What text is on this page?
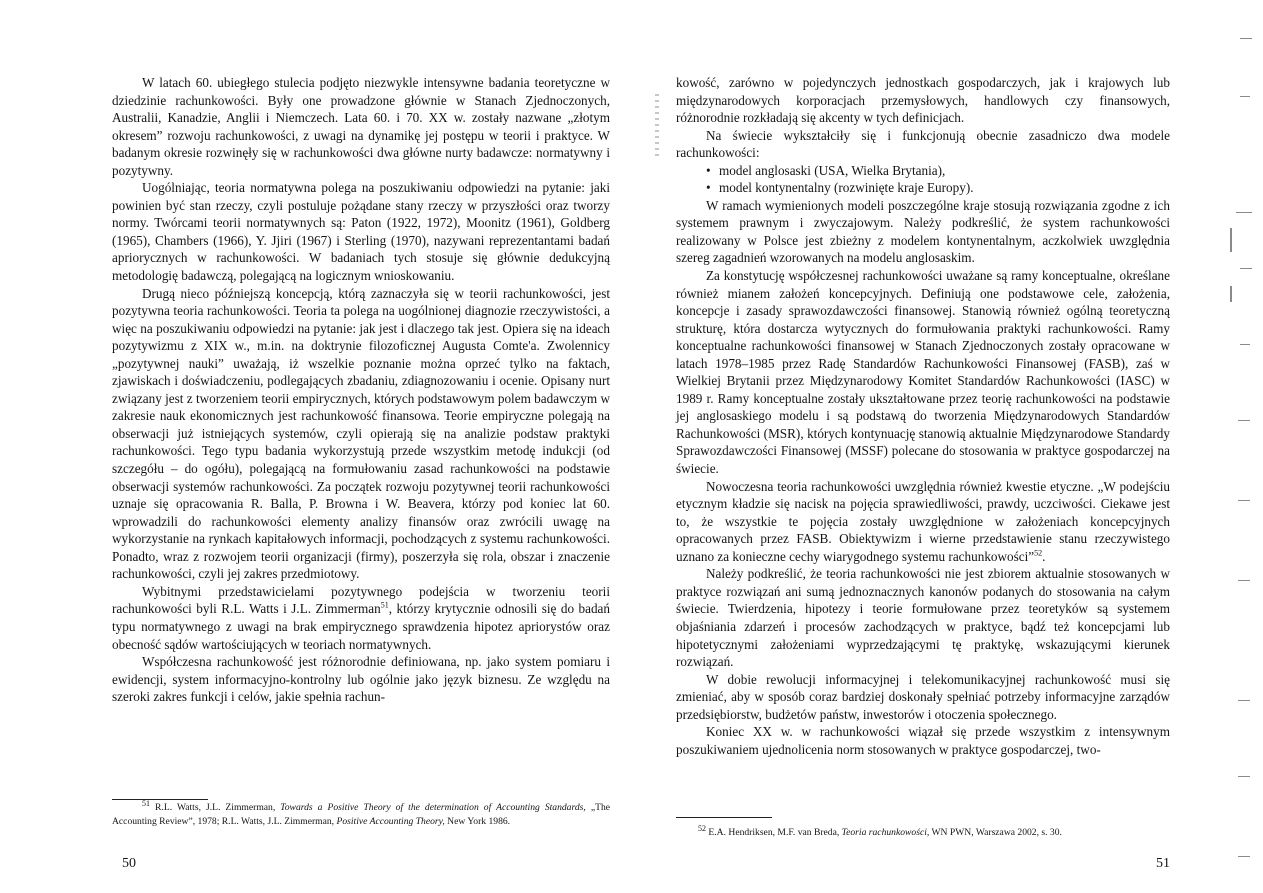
W latach 60. ubiegłego stulecia podjęto niezwykle intensywne badania teoretyczne w dziedzinie rachunkowości. Były one prowadzone głównie w Stanach Zjednoczonych, Australii, Kanadzie, Anglii i Niemczech. Lata 60. i 70. XX w. zostały nazwane „złotym okresem” rozwoju rachunkowości, z uwagi na dynamikę jej postępu w teorii i praktyce. W badanym okresie rozwinęły się w rachunkowości dwa główne nurty badawcze: normatywny i pozytywny.

Uogólniając, teoria normatywna polega na poszukiwaniu odpowiedzi na pytanie: jaki powinien być stan rzeczy, czyli postuluje pożądane stany rzeczy w przyszłości oraz tworzy normy. Twórcami teorii normatywnych są: Paton (1922, 1972), Moonitz (1961), Goldberg (1965), Chambers (1966), Y. Jjiri (1967) i Sterling (1970), nazywani reprezentantami badań apriorycznych w rachunkowości. W badaniach tych stosuje się głównie dedukcyjną metodologię badawczą, polegającą na logicznym wnioskowaniu.

Drugą nieco późniejszą koncepcją, którą zaznaczyła się w teorii rachunkowości, jest pozytywna teoria rachunkowości. Teoria ta polega na uogólnionej diagnozie rzeczywistości, a więc na poszukiwaniu odpowiedzi na pytanie: jak jest i dlaczego tak jest. Opiera się na ideach pozytywizmu z XIX w., m.in. na doktrynie filozoficznej Augusta Comte'a. Zwolennicy „pozytywnej nauki” uważają, iż wszelkie poznanie można oprzeć tylko na faktach, zjawiskach i doświadczeniu, podlegających zbadaniu, zdiagnozowaniu i ocenie. Opisany nurt związany jest z tworzeniem teorii empirycznych, których podstawowym polem badawczym w zakresie nauk ekonomicznych jest rachunkowość finansowa. Teorie empiryczne polegają na obserwacji już istniejących systemów, czyli opierają się na analizie podstaw praktyki rachunkowości. Tego typu badania wykorzystują przede wszystkim metodę indukcji (od szczegółu – do ogółu), polegającą na formułowaniu zasad rachunkowości na podstawie obserwacji systemów rachunkowości. Za początek rozwoju pozytywnej teorii rachunkowości uznaje się opracowania R. Balla, P. Browna i W. Beavera, którzy pod koniec lat 60. wprowadzili do rachunkowości elementy analizy finansów oraz zwrócili uwagę na wykorzystanie na rynkach kapitałowych informacji, pochodzących z systemu rachunkowości. Ponadto, wraz z rozwojem teorii organizacji (firmy), poszerzyła się rola, obszar i znaczenie rachunkowości, czyli jej zakres przedmiotowy.

Wybitnymi przedstawicielami pozytywnego podejścia w tworzeniu teorii rachunkowości byli R.L. Watts i J.L. Zimmerman$^{51}$, którzy krytycznie odnosili się do badań typu normatywnego z uwagi na brak empirycznego sprawdzenia hipotez apriorystów oraz obecność sądów wartościujących w teoriach normatywnych.

Współczesna rachunkowość jest różnorodnie definiowana, np. jako system pomiaru i ewidencji, system informacyjno-kontrolny lub ogólnie jako język biznesu. Ze względu na szeroki zakres funkcji i celów, jakie spełnia rachun-

$^{51}$ R.L. Watts, J.L. Zimmerman, Towards a Positive Theory of the determination of Accounting Standards, „The Accounting Review”, 1978; R.L. Watts, J.L. Zimmerman, Positive Accounting Theory, New York 1986.
50

kowość, zarówno w pojedynczych jednostkach gospodarczych, jak i krajowych lub międzynarodowych korporacjach przemysłowych, handlowych czy finansowych, różnorodnie rozkładają się akcenty w tych definicjach.

Na świecie wykształciły się i funkcjonują obecnie zasadniczo dwa modele rachunkowości:

• model anglosaski (USA, Wielka Brytania),
• model kontynentalny (rozwinięte kraje Europy).

W ramach wymienionych modeli poszczególne kraje stosują rozwiązania zgodne z ich systemem prawnym i zwyczajowym. Należy podkreślić, że system rachunkowości realizowany w Polsce jest zbieżny z modelem kontynentalnym, aczkolwiek uwzględnia szereg zagadnień wzorowanych na modelu anglosaskim.

Za konstytucję współczesnej rachunkowości uważane są ramy konceptualne, określane również mianem założeń koncepcyjnych. Definiują one podstawowe cele, założenia, koncepcje i zasady sprawozdawczości finansowej. Stanowią również ogólną teoretyczną strukturę, która dostarcza wytycznych do formułowania praktyki rachunkowości. Ramy konceptualne rachunkowości finansowej w Stanach Zjednoczonych zostały opracowane w latach 1978–1985 przez Radę Standardów Rachunkowości Finansowej (FASB), zaś w Wielkiej Brytanii przez Międzynarodowy Komitet Standardów Rachunkowości (IASC) w 1989 r. Ramy konceptualne zostały ukształtowane przez teorię rachunkowości na podstawie jej anglosaskiego modelu i są podstawą do tworzenia Międzynarodowych Standardów Rachunkowości (MSR), których kontynuację stanowią aktualnie Międzynarodowe Standardy Sprawozdawczości Finansowej (MSSF) polecane do stosowania w praktyce gospodarczej na świecie.

Nowoczesna teoria rachunkowości uwzględnia również kwestie etyczne. „W podejściu etycznym kładzie się nacisk na pojęcia sprawiedliwości, prawdy, uczciwości. Ciekawe jest to, że wszystkie te pojęcia zostały uwzględnione w założeniach koncepcyjnych opracowanych przez FASB. Obiektywizm i wierne przedstawienie stanu rzeczywistego uznano za konieczne cechy wiarygodnego systemu rachunkowości”$^{52}$.

Należy podkreślić, że teoria rachunkowości nie jest zbiorem aktualnie stosowanych w praktyce rozwiązań ani sumą jednoznacznych kanonów podanych do stosowania na całym świecie. Twierdzenia, hipotezy i teorie formułowane przez teoretyków są systemem objaśniania zdarzeń i procesów zachodzących w praktyce, bądź też koncepcjami lub hipotetycznymi założeniami wyprzedzającymi tę praktykę, wskazującymi kierunek rozwiązań.

W dobie rewolucji informacyjnej i telekomunikacyjnej rachunkowość musi się zmieniać, aby w sposób coraz bardziej doskonały spełniać potrzeby informacyjne zarządów przedsiębiorstw, budżetów państw, inwestorów i otoczenia społecznego.

Koniec XX w. w rachunkowości wiązał się przede wszystkim z intensywnym poszukiwaniem ujednolicenia norm stosowanych w praktyce gospodarczej, two-

$^{52}$ E.A. Hendriksen, M.F. van Breda, Teoria rachunkowości, WN PWN, Warszawa 2002, s. 30.
51
